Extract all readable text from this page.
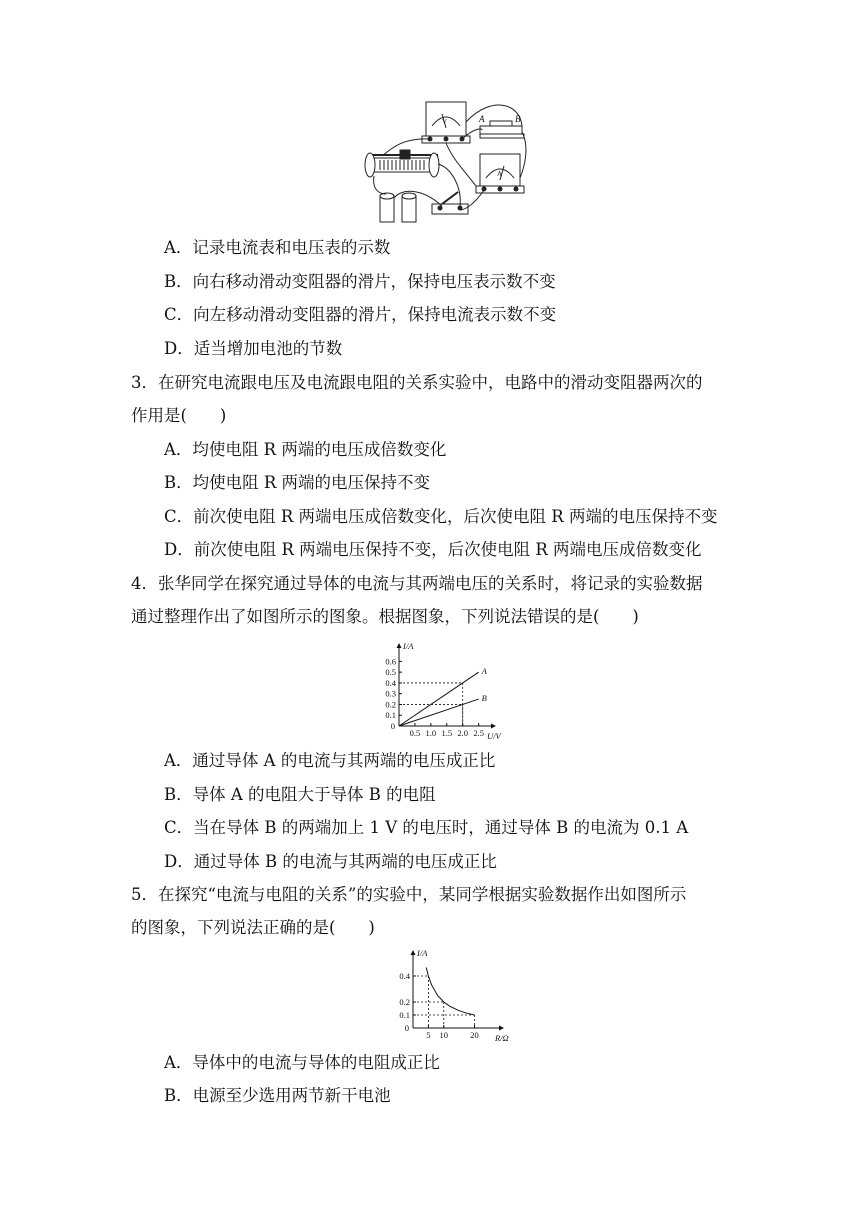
A	B
V
A
A．记录电流表和电压表的示数
B．向右移动滑动变阻器的滑片，保持电压表示数不变
C．向左移动滑动变阻器的滑片，保持电流表示数不变
D．适当增加电池的节数
3．在研究电流跟电压及电流跟电阻的关系实验中，电路中的滑动变阻器两次的
作用是(　　)
A．均使电阻 R 两端的电压成倍数变化
B．均使电阻 R 两端的电压保持不变
C．前次使电阻 R 两端电压成倍数变化，后次使电阻 R 两端的电压保持不变
D．前次使电阻 R 两端电压保持不变，后次使电阻 R 两端电压成倍数变化
4．张华同学在探究通过导体的电流与其两端电压的关系时，将记录的实验数据
通过整理作出了如图所示的图象。根据图象，下列说法错误的是(　　)
0.1
0.2
0.3
0.4
0.5
0.6
0.5 1.0 1.5 2.0 2.5
0
I/A
U/V
A
B
A．通过导体 A 的电流与其两端的电压成正比
B．导体 A 的电阻大于导体 B 的电阻
C．当在导体 B 的两端加上 1 V 的电压时，通过导体 B 的电流为 0.1 A
D．通过导体 B 的电流与其两端的电压成正比
5．在探究“电流与电阻的关系”的实验中，某同学根据实验数据作出如图所示
的图象，下列说法正确的是(　　)
0.1
0.2
0.4
5 10	20
0
I/A
R/Ω
A．导体中的电流与导体的电阻成正比
B．电源至少选用两节新干电池
